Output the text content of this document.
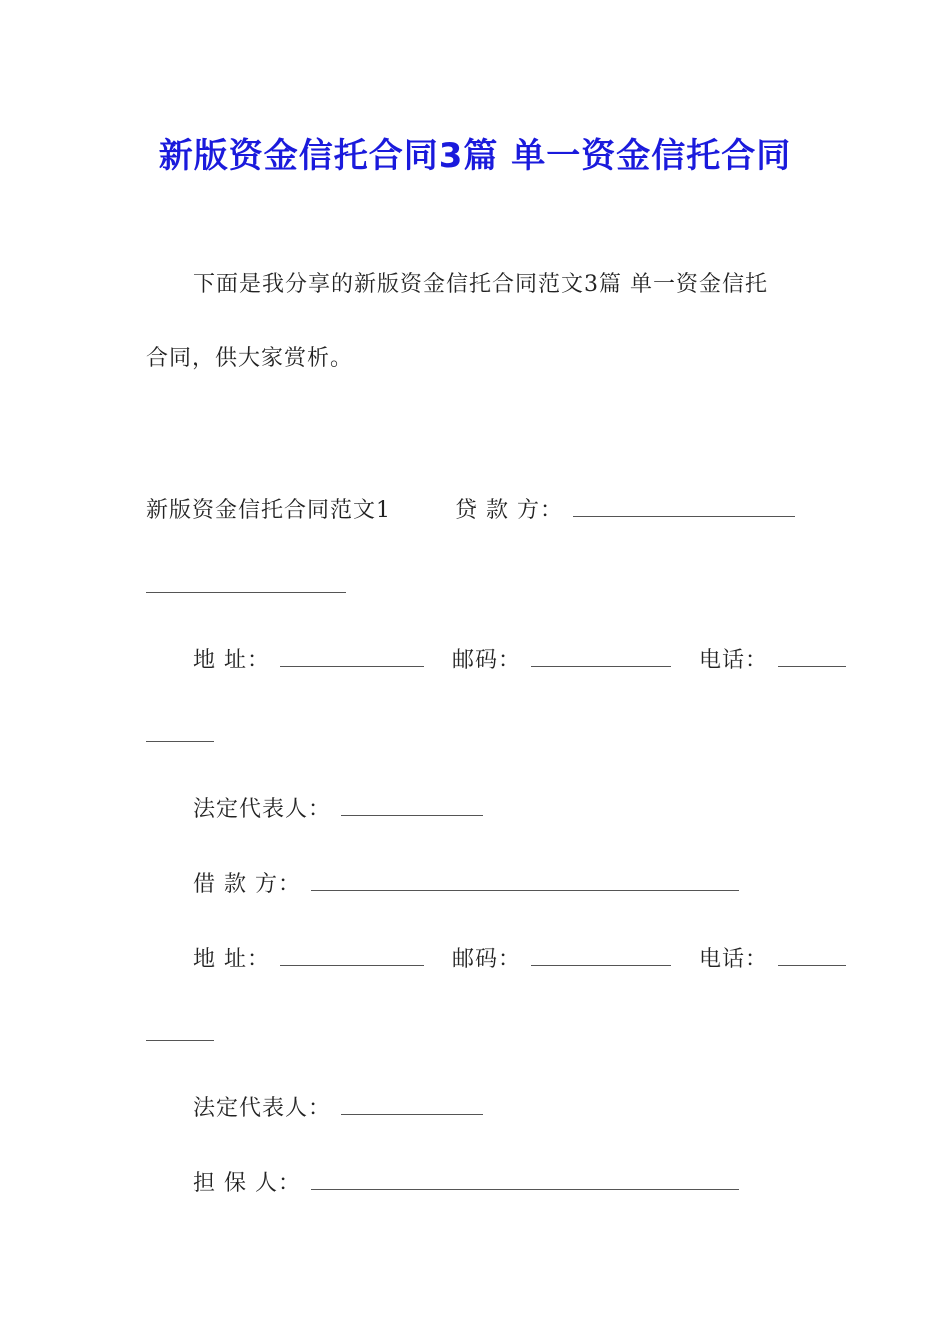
新版资金信托合同3篇 单一资金信托合同
下面是我分享的新版资金信托合同范文3篇 单一资金信托
合同，供大家赏析。
新版资金信托合同范文1	贷 款 方：
地 址：	邮码：	电话：
法定代表人：
借 款 方：
地 址：	邮码：	电话：
法定代表人：
担 保 人：
